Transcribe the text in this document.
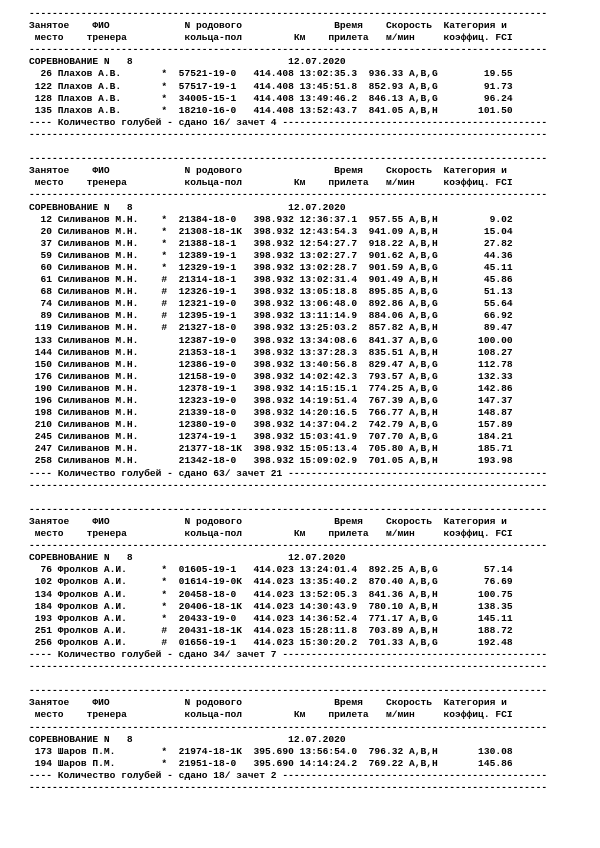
------------------------------------------------------------------------------------------
Занятое    ФИО             N родового                Время    Скорость  Категория и
место    тренера          кольца-пол         Км    прилета   м/мин     коэффиц. FCI
------------------------------------------------------------------------------------------
СОРЕВНОВАНИЕ N   8	12.07.2020
26 Плахов А.В.       *  57521-19-0   414.408 13:02:35.3  936.33 А,В,G        19.55
122 Плахов А.В.       *  57517-19-1   414.408 13:45:51.8  852.93 А,В,G        91.73
128 Плахов А.В.       *  34005-15-1   414.408 13:49:46.2  846.13 А,В,G        96.24
135 Плахов А.В.       *  18210-16-0   414.408 13:52:43.7  841.05 А,В,Н       101.50
---- Количество голубей - сдано 16/ зачет 4 ----------------------------------------------
------------------------------------------------------------------------------------------
------------------------------------------------------------------------------------------
Занятое    ФИО             N родового                Время    Скорость  Категория и
место    тренера          кольца-пол         Км    прилета   м/мин     коэффиц. FCI
------------------------------------------------------------------------------------------
СОРЕВНОВАНИЕ N   8	12.07.2020
12 Силиванов М.Н.    *  21384-18-0   398.932 12:36:37.1  957.55 А,В,Н         9.02
20 Силиванов М.Н.    *  21308-18-1К  398.932 12:43:54.3  941.09 А,В,Н        15.04
37 Силиванов М.Н.    *  21388-18-1   398.932 12:54:27.7  918.22 А,В,Н        27.82
59 Силиванов М.Н.    *  12389-19-1   398.932 13:02:27.7  901.62 А,В,G        44.36
60 Силиванов М.Н.    *  12329-19-1   398.932 13:02:28.7  901.59 А,В,G        45.11
61 Силиванов М.Н.    #  21314-18-1   398.932 13:02:31.4  901.49 А,В,Н        45.86
68 Силиванов М.Н.    #  12326-19-1   398.932 13:05:18.8  895.85 А,В,G        51.13
74 Силиванов М.Н.    #  12321-19-0   398.932 13:06:48.0  892.86 А,В,G        55.64
89 Силиванов М.Н.    #  12395-19-1   398.932 13:11:14.9  884.06 А,В,G        66.92
119 Силиванов М.Н.    #  21327-18-0   398.932 13:25:03.2  857.82 А,В,Н        89.47
133 Силиванов М.Н.       12387-19-0   398.932 13:34:08.6  841.37 А,В,G       100.00
144 Силиванов М.Н.       21353-18-1   398.932 13:37:28.3  835.51 А,В,Н       108.27
150 Силиванов М.Н.       12386-19-0   398.932 13:40:56.8  829.47 А,В,G       112.78
176 Силиванов М.Н.       12158-19-0   398.932 14:02:42.3  793.57 А,В,G       132.33
190 Силиванов М.Н.       12378-19-1   398.932 14:15:15.1  774.25 А,В,G       142.86
196 Силиванов М.Н.       12323-19-0   398.932 14:19:51.4  767.39 А,В,G       147.37
198 Силиванов М.Н.       21339-18-0   398.932 14:20:16.5  766.77 А,В,Н       148.87
210 Силиванов М.Н.       12380-19-0   398.932 14:37:04.2  742.79 А,В,G       157.89
245 Силиванов М.Н.       12374-19-1   398.932 15:03:41.9  707.70 А,В,G       184.21
247 Силиванов М.Н.       21377-18-1К  398.932 15:05:13.4  705.80 А,В,Н       185.71
258 Силиванов М.Н.       21342-18-0   398.932 15:09:02.9  701.05 А,В,Н       193.98
---- Количество голубей - сдано 63/ зачет 21 ---------------------------------------------
------------------------------------------------------------------------------------------
------------------------------------------------------------------------------------------
Занятое    ФИО             N родового                Время    Скорость  Категория и
место    тренера          кольца-пол         Км    прилета   м/мин     коэффиц. FCI
------------------------------------------------------------------------------------------
СОРЕВНОВАНИЕ N   8	12.07.2020
76 Фролков А.И.      *  01605-19-1   414.023 13:24:01.4  892.25 А,В,G        57.14
102 Фролков А.И.      *  01614-19-0К  414.023 13:35:40.2  870.40 А,В,G        76.69
134 Фролков А.И.      *  20458-18-0   414.023 13:52:05.3  841.36 А,В,Н       100.75
184 Фролков А.И.      *  20406-18-1К  414.023 14:30:43.9  780.10 А,В,Н       138.35
193 Фролков А.И.      *  20433-19-0   414.023 14:36:52.4  771.17 А,В,G       145.11
251 Фролков А.И.      #  20431-18-1К  414.023 15:28:11.8  703.89 А,В,Н       188.72
256 Фролков А.И.      #  01656-19-1   414.023 15:30:20.2  701.33 А,В,G       192.48
---- Количество голубей - сдано 34/ зачет 7 ----------------------------------------------
------------------------------------------------------------------------------------------
------------------------------------------------------------------------------------------
Занятое    ФИО             N родового                Время    Скорость  Категория и
место    тренера          кольца-пол         Км    прилета   м/мин     коэффиц. FCI
------------------------------------------------------------------------------------------
СОРЕВНОВАНИЕ N   8	12.07.2020
173 Шаров П.М.        *  21974-18-1К  395.690 13:56:54.0  796.32 А,В,Н       130.08
194 Шаров П.М.        *  21951-18-0   395.690 14:14:24.2  769.22 А,В,Н       145.86
---- Количество голубей - сдано 18/ зачет 2 ----------------------------------------------
------------------------------------------------------------------------------------------
